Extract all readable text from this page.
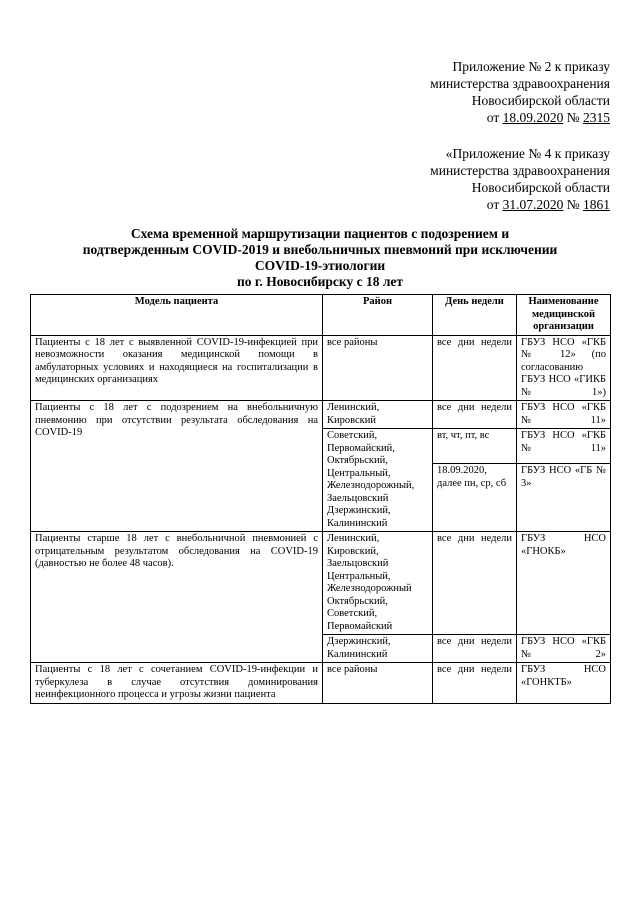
Приложение № 2 к приказу
министерства здравоохранения
Новосибирской области
от 18.09.2020 № 2315
«Приложение № 4 к приказу
министерства здравоохранения
Новосибирской области
от 31.07.2020 № 1861
Схема временной маршрутизации пациентов с подозрением и
подтвержденным COVID-2019 и внебольничных пневмоний при исключении
COVID-19-этиологии
по г. Новосибирску с 18 лет
Модель пациента	Район	День недели	Наименование медицинской организации
Пациенты с 18 лет с выявленной COVID-19-инфекцией при невозможности оказания медицинской помощи в амбулаторных условиях и находящиеся на госпитализации в медицинских организациях	все районы	все дни недели	ГБУЗ НСО «ГКБ № 12» (по согласованию ГБУЗ НСО «ГИКБ № 1»)
Пациенты с 18 лет с подозрением на внебольничную пневмонию при отсутствии результата обследования на COVID-19	Ленинский, Кировский	все дни недели	ГБУЗ НСО «ГКБ № 11»
	Советский, Первомайский, Октябрьский, Центральный, Железнодорожный, Заельцовский Дзержинский, Калининский	вт, чт, пт, вс	ГБУЗ НСО «ГКБ № 11»
		18.09.2020, далее пн, ср, сб	ГБУЗ НСО «ГБ № 3»
Пациенты старше 18 лет с внебольничной пневмонией с отрицательным результатом обследования на COVID-19 (давностью не более 48 часов).	Ленинский, Кировский, Заельцовский Центральный, Железнодорожный Октябрьский, Советский, Первомайский	все дни недели	ГБУЗ НСО «ГНОКБ»
	Дзержинский, Калининский	все дни недели	ГБУЗ НСО «ГКБ № 2»
Пациенты с 18 лет с сочетанием COVID-19-инфекции и туберкулеза в случае отсутствия доминирования неинфекционного процесса и угрозы жизни пациента	все районы	все дни недели	ГБУЗ НСО «ГОНКТБ»
